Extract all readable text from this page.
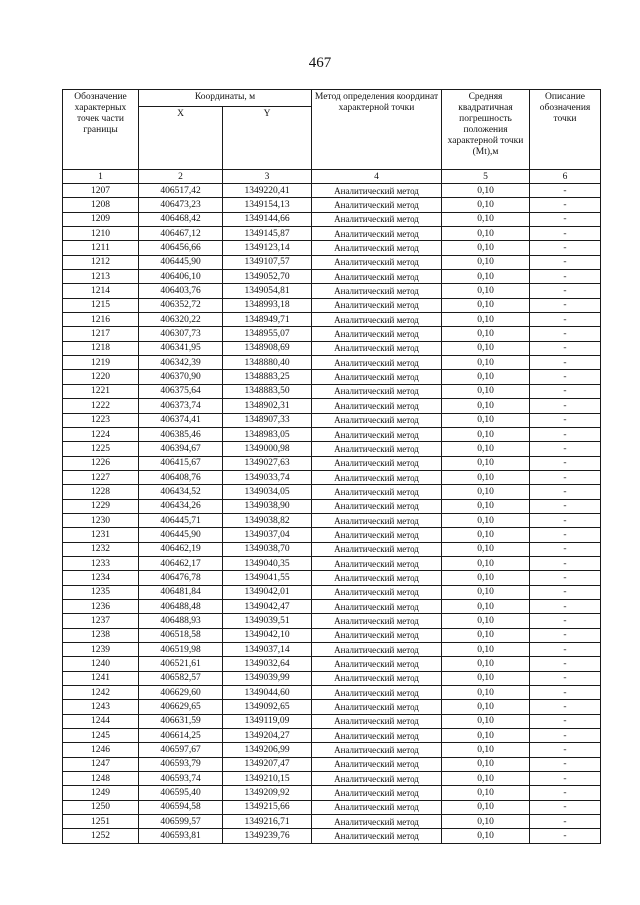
467
Обозначение характерных точек части границы	Координаты, м		Метод определения координат характерной точки	Средняя квадратичная погрешность положения характерной точки (Mt),м	Описание обозначения точки
	X	Y			
1	2	3	4	5	6
1207	406517,42	1349220,41	Аналитический метод	0,10	-
1208	406473,23	1349154,13	Аналитический метод	0,10	-
1209	406468,42	1349144,66	Аналитический метод	0,10	-
1210	406467,12	1349145,87	Аналитический метод	0,10	-
1211	406456,66	1349123,14	Аналитический метод	0,10	-
1212	406445,90	1349107,57	Аналитический метод	0,10	-
1213	406406,10	1349052,70	Аналитический метод	0,10	-
1214	406403,76	1349054,81	Аналитический метод	0,10	-
1215	406352,72	1348993,18	Аналитический метод	0,10	-
1216	406320,22	1348949,71	Аналитический метод	0,10	-
1217	406307,73	1348955,07	Аналитический метод	0,10	-
1218	406341,95	1348908,69	Аналитический метод	0,10	-
1219	406342,39	1348880,40	Аналитический метод	0,10	-
1220	406370,90	1348883,25	Аналитический метод	0,10	-
1221	406375,64	1348883,50	Аналитический метод	0,10	-
1222	406373,74	1348902,31	Аналитический метод	0,10	-
1223	406374,41	1348907,33	Аналитический метод	0,10	-
1224	406385,46	1348983,05	Аналитический метод	0,10	-
1225	406394,67	1349000,98	Аналитический метод	0,10	-
1226	406415,67	1349027,63	Аналитический метод	0,10	-
1227	406408,76	1349033,74	Аналитический метод	0,10	-
1228	406434,52	1349034,05	Аналитический метод	0,10	-
1229	406434,26	1349038,90	Аналитический метод	0,10	-
1230	406445,71	1349038,82	Аналитический метод	0,10	-
1231	406445,90	1349037,04	Аналитический метод	0,10	-
1232	406462,19	1349038,70	Аналитический метод	0,10	-
1233	406462,17	1349040,35	Аналитический метод	0,10	-
1234	406476,78	1349041,55	Аналитический метод	0,10	-
1235	406481,84	1349042,01	Аналитический метод	0,10	-
1236	406488,48	1349042,47	Аналитический метод	0,10	-
1237	406488,93	1349039,51	Аналитический метод	0,10	-
1238	406518,58	1349042,10	Аналитический метод	0,10	-
1239	406519,98	1349037,14	Аналитический метод	0,10	-
1240	406521,61	1349032,64	Аналитический метод	0,10	-
1241	406582,57	1349039,99	Аналитический метод	0,10	-
1242	406629,60	1349044,60	Аналитический метод	0,10	-
1243	406629,65	1349092,65	Аналитический метод	0,10	-
1244	406631,59	1349119,09	Аналитический метод	0,10	-
1245	406614,25	1349204,27	Аналитический метод	0,10	-
1246	406597,67	1349206,99	Аналитический метод	0,10	-
1247	406593,79	1349207,47	Аналитический метод	0,10	-
1248	406593,74	1349210,15	Аналитический метод	0,10	-
1249	406595,40	1349209,92	Аналитический метод	0,10	-
1250	406594,58	1349215,66	Аналитический метод	0,10	-
1251	406599,57	1349216,71	Аналитический метод	0,10	-
1252	406593,81	1349239,76	Аналитический метод	0,10	-
